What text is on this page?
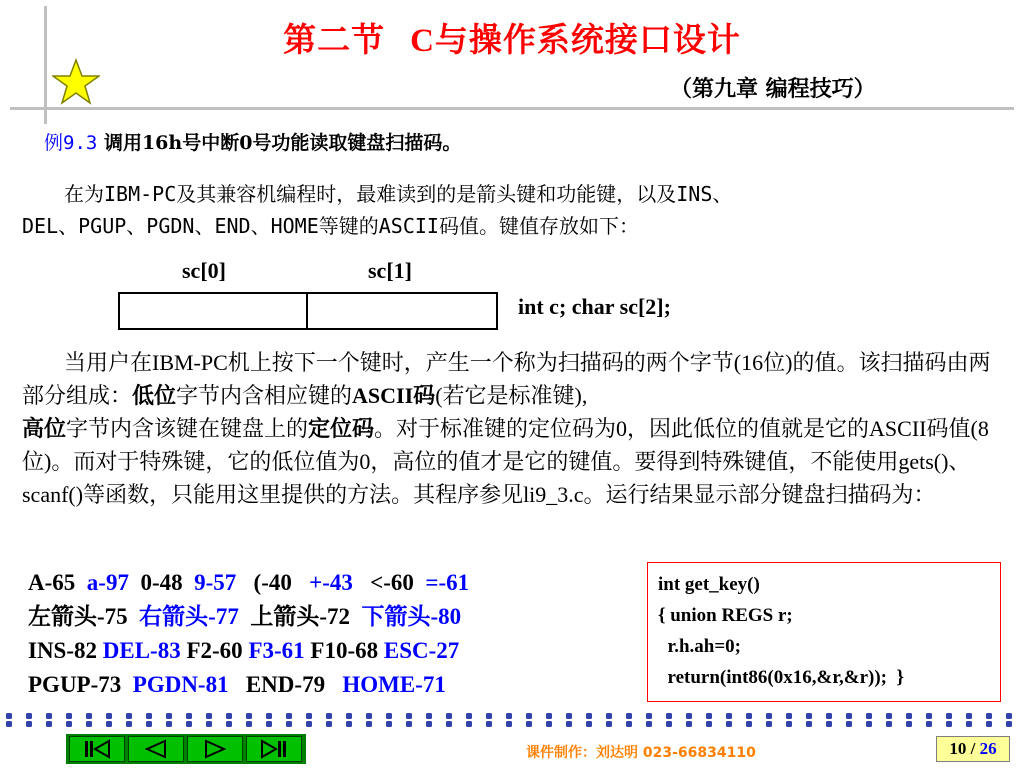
第二节 C与操作系统接口设计
（第九章 编程技巧）
例9.3 调用16h号中断0号功能读取键盘扫描码。
在为IBM-PC及其兼容机编程时，最难读到的是箭头键和功能键，以及INS、
DEL、PGUP、PGDN、END、HOME等键的ASCII码值。键值存放如下：
sc[0]	sc[1]
int c; char sc[2];
当用户在IBM-PC机上按下一个键时，产生一个称为扫描码的两个字节(16位)的值。该扫描码由两部分组成：低位字节内含相应键的ASCII码(若它是标准键),
高位字节内含该键在键盘上的定位码。对于标准键的定位码为0，因此低位的值就是它的ASCII码值(8位)。而对于特殊键，它的低位值为0，高位的值才是它的键值。要得到特殊键值，不能使用gets()、scanf()等函数，只能用这里提供的方法。其程序参见li9_3.c。运行结果显示部分键盘扫描码为：
A-65 a-97 0-48 9-57 (-40 +-43 <-60 =-61
左箭头-75 右箭头-77 上箭头-72 下箭头-80
INS-82 DEL-83 F2-60 F3-61 F10-68 ESC-27
PGUP-73 PGDN-81 END-79 HOME-71
int get_key()
{ union REGS r;
r.h.ah=0;
return(int86(0x16,&r,&r));  }
课件制作：刘达明 023-66834110	10 / 26
